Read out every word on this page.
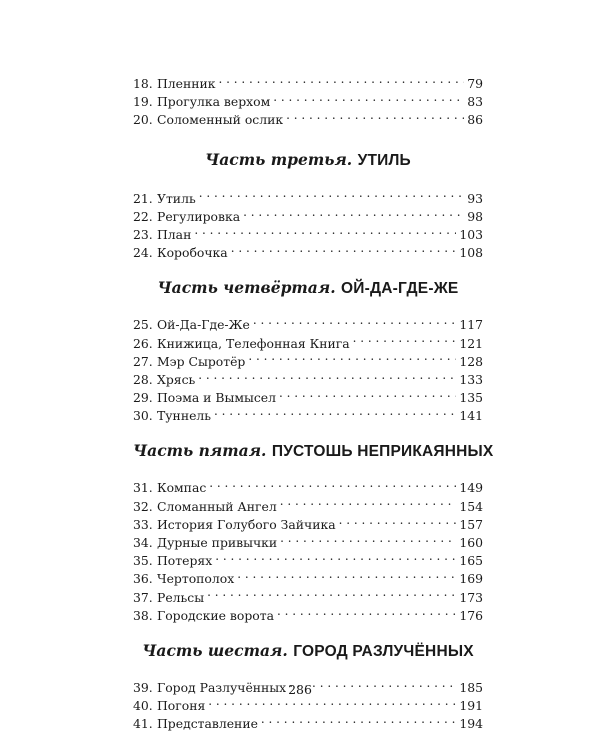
18. Пленник . . .	79
19. Прогулка верхом . . .	83
20. Соломенный ослик . . .	86
Часть третья. УТИЛЬ
21. Утиль . . .	93
22. Регулировка . . .	98
23. План . . .	103
24. Коробочка . . .	108
Часть четвёртая. ОЙ-ДА-ГДЕ-ЖЕ
25. Ой-Да-Где-Же . . .	117
26. Книжица, Телефонная Книга . . .	121
27. Мэр Сыротёр . . .	128
28. Хрясь . . .	133
29. Поэма и Вымысел . . .	135
30. Туннель . . .	141
Часть пятая. ПУСТОШЬ НЕПРИКАЯННЫХ
31. Компас . . .	149
32. Сломанный Ангел . . .	154
33. История Голубого Зайчика . . .	157
34. Дурные привычки . . .	160
35. Потерях . . .	165
36. Чертополох . . .	169
37. Рельсы . . .	173
38. Городские ворота . . .	176
Часть шестая. ГОРОД РАЗЛУЧЁННЫХ
39. Город Разлучённых . . .	185
40. Погоня . . .	191
41. Представление . . .	194
286
